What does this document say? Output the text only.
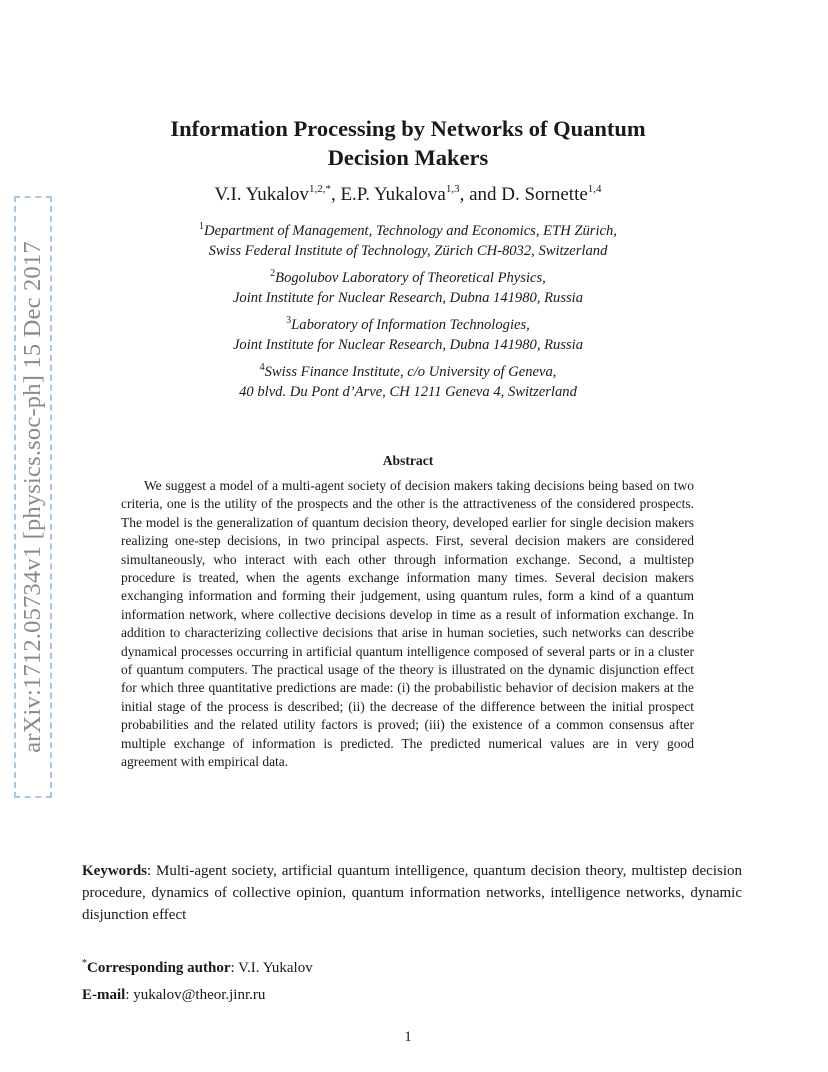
arXiv:1712.05734v1 [physics.soc-ph] 15 Dec 2017
Information Processing by Networks of Quantum
Decision Makers
V.I. Yukalov$^{1,2,*}$, E.P. Yukalova$^{1,3}$, and D. Sornette$^{1,4}$
$^1$Department of Management, Technology and Economics, ETH Zürich,
Swiss Federal Institute of Technology, Zürich CH-8032, Switzerland
$^2$Bogolubov Laboratory of Theoretical Physics,
Joint Institute for Nuclear Research, Dubna 141980, Russia
$^3$Laboratory of Information Technologies,
Joint Institute for Nuclear Research, Dubna 141980, Russia
$^4$Swiss Finance Institute, c/o University of Geneva,
40 blvd. Du Pont d’Arve, CH 1211 Geneva 4, Switzerland
Abstract

We suggest a model of a multi-agent society of decision makers taking decisions being based on two criteria, one is the utility of the prospects and the other is the attractiveness of the considered prospects. The model is the generalization of quantum decision theory, developed earlier for single decision makers realizing one-step decisions, in two principal aspects. First, several decision makers are considered simultaneously, who interact with each other through information exchange. Second, a multistep procedure is treated, when the agents exchange information many times. Several decision makers exchanging information and forming their judgement, using quantum rules, form a kind of a quantum information network, where collective decisions develop in time as a result of information exchange. In addition to characterizing collective decisions that arise in human societies, such networks can describe dynamical processes occurring in artificial quantum intelligence composed of several parts or in a cluster of quantum computers. The practical usage of the theory is illustrated on the dynamic disjunction effect for which three quantitative predictions are made: (i) the probabilistic behavior of decision makers at the initial stage of the process is described; (ii) the decrease of the difference between the initial prospect probabilities and the related utility factors is proved; (iii) the existence of a common consensus after multiple exchange of information is predicted. The predicted numerical values are in very good agreement with empirical data.

Keywords: Multi-agent society, artificial quantum intelligence, quantum decision theory, multistep decision procedure, dynamics of collective opinion, quantum information networks, intelligence networks, dynamic disjunction effect

*Corresponding author: V.I. Yukalov

E-mail: yukalov@theor.jinr.ru

1
